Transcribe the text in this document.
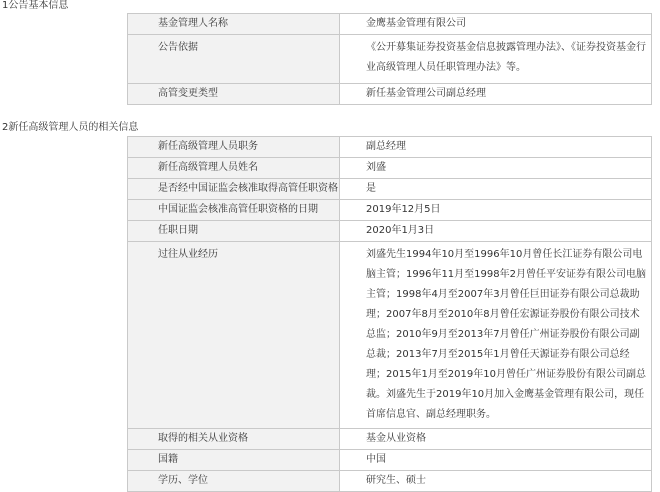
1公告基本信息
基金管理人名称	金鹰基金管理有限公司
公告依据	《公开募集证券投资基金信息披露管理办法》、《证券投资基金行业高级管理人员任职管理办法》等。
高管变更类型	新任基金管理公司副总经理
2新任高级管理人员的相关信息
新任高级管理人员职务	副总经理
新任高级管理人员姓名	刘盛
是否经中国证监会核准取得高管任职资格	是
中国证监会核准高管任职资格的日期	2019年12月5日
任职日期	2020年1月3日
过往从业经历	刘盛先生1994年10月至1996年10月曾任长江证券有限公司电脑主管；1996年11月至1998年2月曾任平安证券有限公司电脑主管；1998年4月至2007年3月曾任巨田证券有限公司总裁助理；2007年8月至2010年8月曾任宏源证券股份有限公司技术总监；2010年9月至2013年7月曾任广州证券股份有限公司副总裁；2013年7月至2015年1月曾任天源证券有限公司总经理；2015年1月至2019年10月曾任广州证券股份有限公司副总裁。刘盛先生于2019年10月加入金鹰基金管理有限公司，现任首席信息官、副总经理职务。
取得的相关从业资格	基金从业资格
国籍	中国
学历、学位	研究生、硕士
